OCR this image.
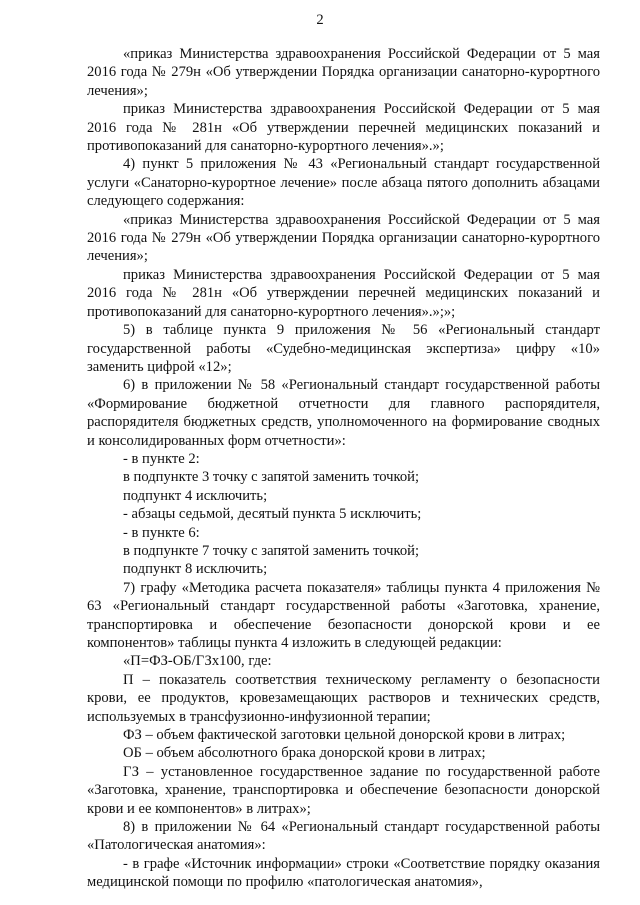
2

«приказ Министерства здравоохранения Российской Федерации от 5 мая 2016 года № 279н «Об утверждении Порядка организации санаторно-курортного лечения»;

приказ Министерства здравоохранения Российской Федерации от 5 мая 2016 года № 281н «Об утверждении перечней медицинских показаний и противопоказаний для санаторно-курортного лечения».»;

4) пункт 5 приложения № 43 «Региональный стандарт государственной услуги «Санаторно-курортное лечение» после абзаца пятого дополнить абзацами следующего содержания:

«приказ Министерства здравоохранения Российской Федерации от 5 мая 2016 года № 279н «Об утверждении Порядка организации санаторно-курортного лечения»;

приказ Министерства здравоохранения Российской Федерации от 5 мая 2016 года № 281н «Об утверждении перечней медицинских показаний и противопоказаний для санаторно-курортного лечения».»;»;

5) в таблице пункта 9 приложения № 56 «Региональный стандарт государственной работы «Судебно-медицинская экспертиза» цифру «10» заменить цифрой «12»;

6) в приложении № 58 «Региональный стандарт государственной работы «Формирование бюджетной отчетности для главного распорядителя, распорядителя бюджетных средств, уполномоченного на формирование сводных и консолидированных форм отчетности»:

- в пункте 2:

в подпункте 3 точку с запятой заменить точкой;

подпункт 4 исключить;

- абзацы седьмой, десятый пункта 5 исключить;

- в пункте 6:

в подпункте 7 точку с запятой заменить точкой;

подпункт 8 исключить;

7) графу «Методика расчета показателя» таблицы пункта 4 приложения № 63 «Региональный стандарт государственной работы «Заготовка, хранение, транспортировка и обеспечение безопасности донорской крови и ее компонентов» таблицы пункта 4 изложить в следующей редакции:

«П=ФЗ-ОБ/ГЗх100, где:

П – показатель соответствия техническому регламенту о безопасности крови, ее продуктов, кровезамещающих растворов и технических средств, используемых в трансфузионно-инфузионной терапии;

ФЗ – объем фактической заготовки цельной донорской крови в литрах;

ОБ – объем абсолютного брака донорской крови в литрах;

ГЗ – установленное государственное задание по государственной работе «Заготовка, хранение, транспортировка и обеспечение безопасности донорской крови и ее компонентов» в литрах»;

8) в приложении № 64 «Региональный стандарт государственной работы «Патологическая анатомия»:

- в графе «Источник информации» строки «Соответствие порядку оказания медицинской помощи по профилю «патологическая анатомия»,
